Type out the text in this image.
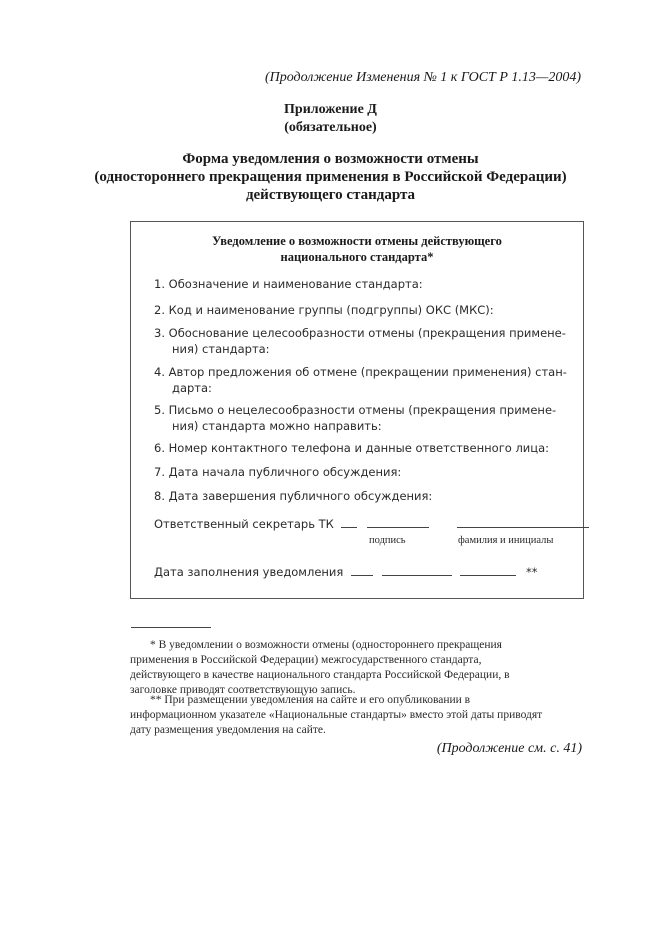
(Продолжение Изменения № 1 к ГОСТ Р 1.13—2004)
Приложение Д
(обязательное)
Форма уведомления о возможности отмены
(одностороннего прекращения применения в Российской Федерации)
действующего стандарта
Уведомление о возможности отмены действующего
национального стандарта*
1. Обозначение и наименование стандарта:
2. Код и наименование группы (подгруппы) ОКС (МКС):
3. Обоснование целесообразности отмены (прекращения примене-
ния) стандарта:
4. Автор предложения об отмене (прекращении применения) стан-
дарта:
5. Письмо о нецелесообразности отмены (прекращения примене-
ния) стандарта можно направить:
6. Номер контактного телефона и данные ответственного лица:
7. Дата начала публичного обсуждения:
8. Дата завершения публичного обсуждения:
Ответственный секретарь ТК
подпись	фамилия и инициалы
Дата заполнения уведомления	**
* В уведомлении о возможности отмены (одностороннего прекращения
применения в Российской Федерации) межгосударственного стандарта,
действующего в качестве национального стандарта Российской Федерации, в
заголовке приводят соответствующую запись.
** При размещении уведомления на сайте и его опубликовании в
информационном указателе «Национальные стандарты» вместо этой даты приводят
дату размещения уведомления на сайте.
(Продолжение см. с. 41)
